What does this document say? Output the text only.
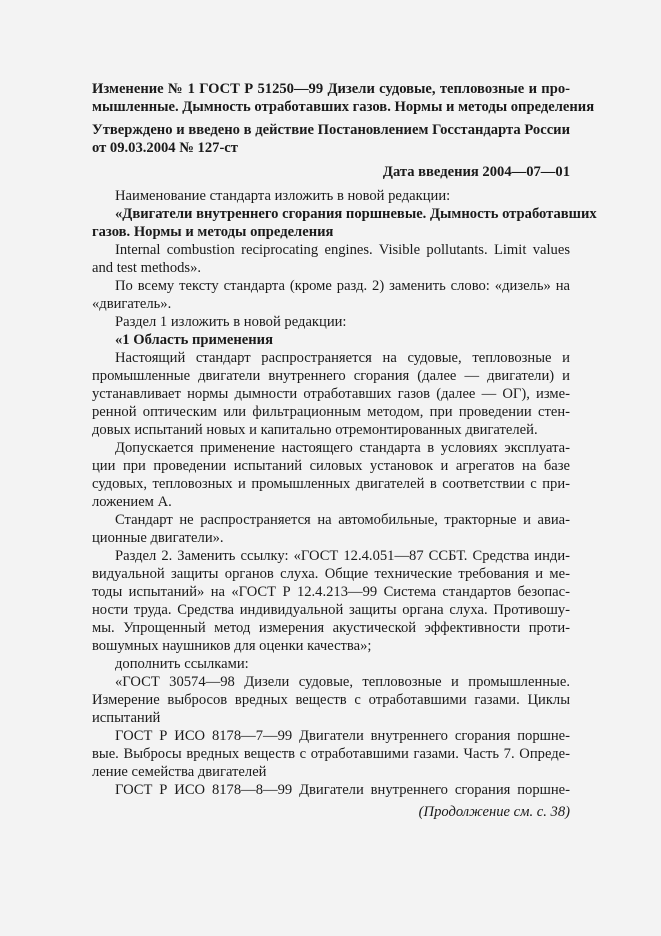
Изменение № 1 ГОСТ Р 51250—99 Дизели судовые, тепловозные и про-
мышленные. Дымность отработавших газов. Нормы и методы определения
Утверждено и введено в действие Постановлением Госстандарта России
от 09.03.2004 № 127-ст
Дата введения 2004—07—01
Наименование стандарта изложить в новой редакции:
«Двигатели внутреннего сгорания поршневые. Дымность отработавших
газов. Нормы и методы определения
Internal combustion reciprocating engines. Visible pollutants. Limit values
and test methods».
По всему тексту стандарта (кроме разд. 2) заменить слово: «дизель» на
«двигатель».
Раздел 1 изложить в новой редакции:
«1 Область применения
Настоящий стандарт распространяется на судовые, тепловозные и
промышленные двигатели внутреннего сгорания (далее — двигатели) и
устанавливает нормы дымности отработавших газов (далее — ОГ), изме-
ренной оптическим или фильтрационным методом, при проведении стен-
довых испытаний новых и капитально отремонтированных двигателей.
Допускается применение настоящего стандарта в условиях эксплуата-
ции при проведении испытаний силовых установок и агрегатов на базе
судовых, тепловозных и промышленных двигателей в соответствии с при-
ложением А.
Стандарт не распространяется на автомобильные, тракторные и авиа-
ционные двигатели».
Раздел 2. Заменить ссылку: «ГОСТ 12.4.051—87 ССБТ. Средства инди-
видуальной защиты органов слуха. Общие технические требования и ме-
тоды испытаний» на «ГОСТ Р 12.4.213—99 Система стандартов безопас-
ности труда. Средства индивидуальной защиты органа слуха. Противошу-
мы. Упрощенный метод измерения акустической эффективности проти-
вошумных наушников для оценки качества»;
дополнить ссылками:
«ГОСТ 30574—98 Дизели судовые, тепловозные и промышленные.
Измерение выбросов вредных веществ с отработавшими газами. Циклы
испытаний
ГОСТ Р ИСО 8178—7—99 Двигатели внутреннего сгорания поршне-
вые. Выбросы вредных веществ с отработавшими газами. Часть 7. Опреде-
ление семейства двигателей
ГОСТ Р ИСО 8178—8—99 Двигатели внутреннего сгорания поршне-
(Продолжение см. с. 38)
